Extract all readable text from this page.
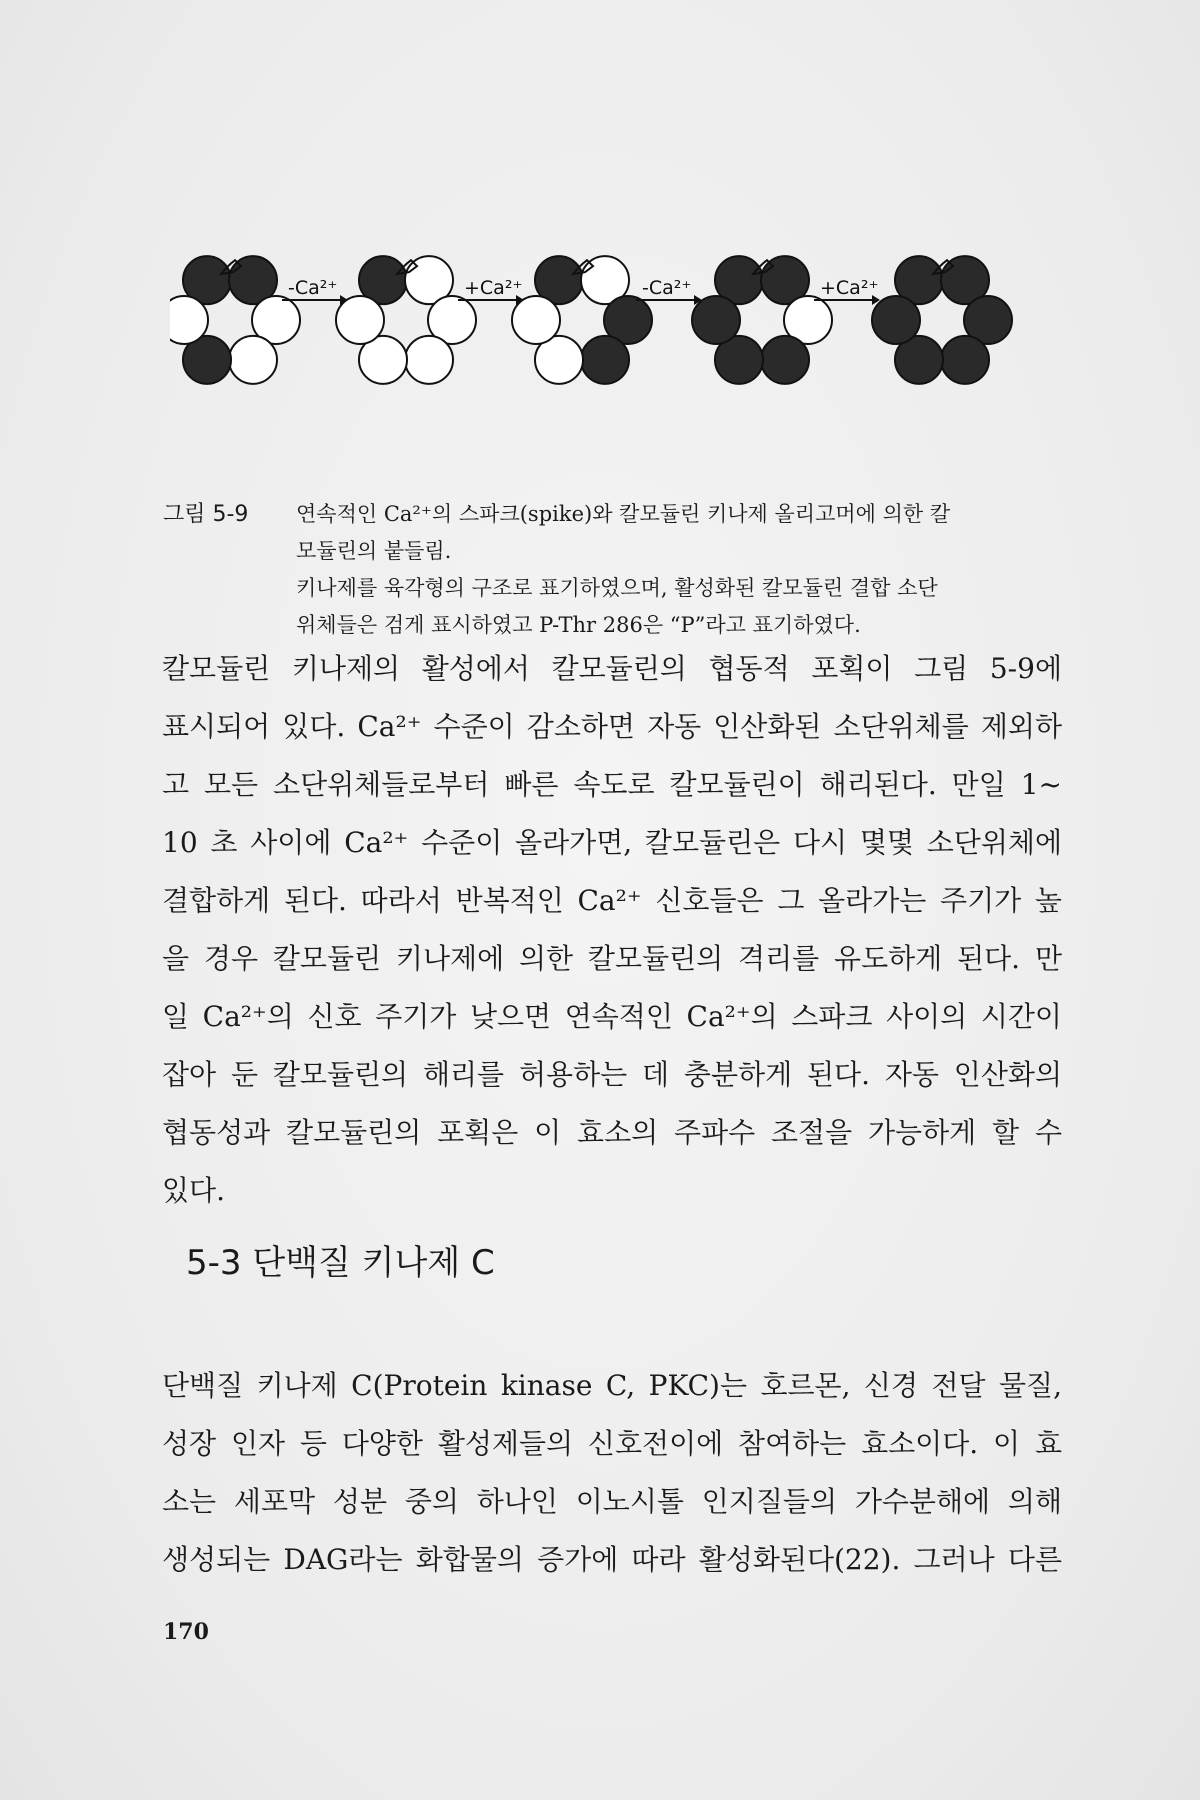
-Ca²⁺	+Ca²⁺	-Ca²⁺	+Ca²⁺
그림 5-9 연속적인 Ca²⁺의 스파크(spike)와 칼모듈린 키나제 올리고머에 의한 칼
모듈린의 붙들림.
키나제를 육각형의 구조로 표기하였으며, 활성화된 칼모듈린 결합 소단
위체들은 검게 표시하였고 P-Thr 286은 “P”라고 표기하였다.
칼모듈린 키나제의 활성에서 칼모듈린의 협동적 포획이 그림 5-9에
표시되어 있다. Ca²⁺ 수준이 감소하면 자동 인산화된 소단위체를 제외하
고 모든 소단위체들로부터 빠른 속도로 칼모듈린이 해리된다. 만일 1~
10 초 사이에 Ca²⁺ 수준이 올라가면, 칼모듈린은 다시 몇몇 소단위체에
결합하게 된다. 따라서 반복적인 Ca²⁺ 신호들은 그 올라가는 주기가 높
을 경우 칼모듈린 키나제에 의한 칼모듈린의 격리를 유도하게 된다. 만
일 Ca²⁺의 신호 주기가 낮으면 연속적인 Ca²⁺의 스파크 사이의 시간이
잡아 둔 칼모듈린의 해리를 허용하는 데 충분하게 된다. 자동 인산화의
협동성과 칼모듈린의 포획은 이 효소의 주파수 조절을 가능하게 할 수
있다.
5-3 단백질 키나제 C
단백질 키나제 C(Protein kinase C, PKC)는 호르몬, 신경 전달 물질,
성장 인자 등 다양한 활성제들의 신호전이에 참여하는 효소이다. 이 효
소는 세포막 성분 중의 하나인 이노시톨 인지질들의 가수분해에 의해
생성되는 DAG라는 화합물의 증가에 따라 활성화된다(22). 그러나 다른
170
